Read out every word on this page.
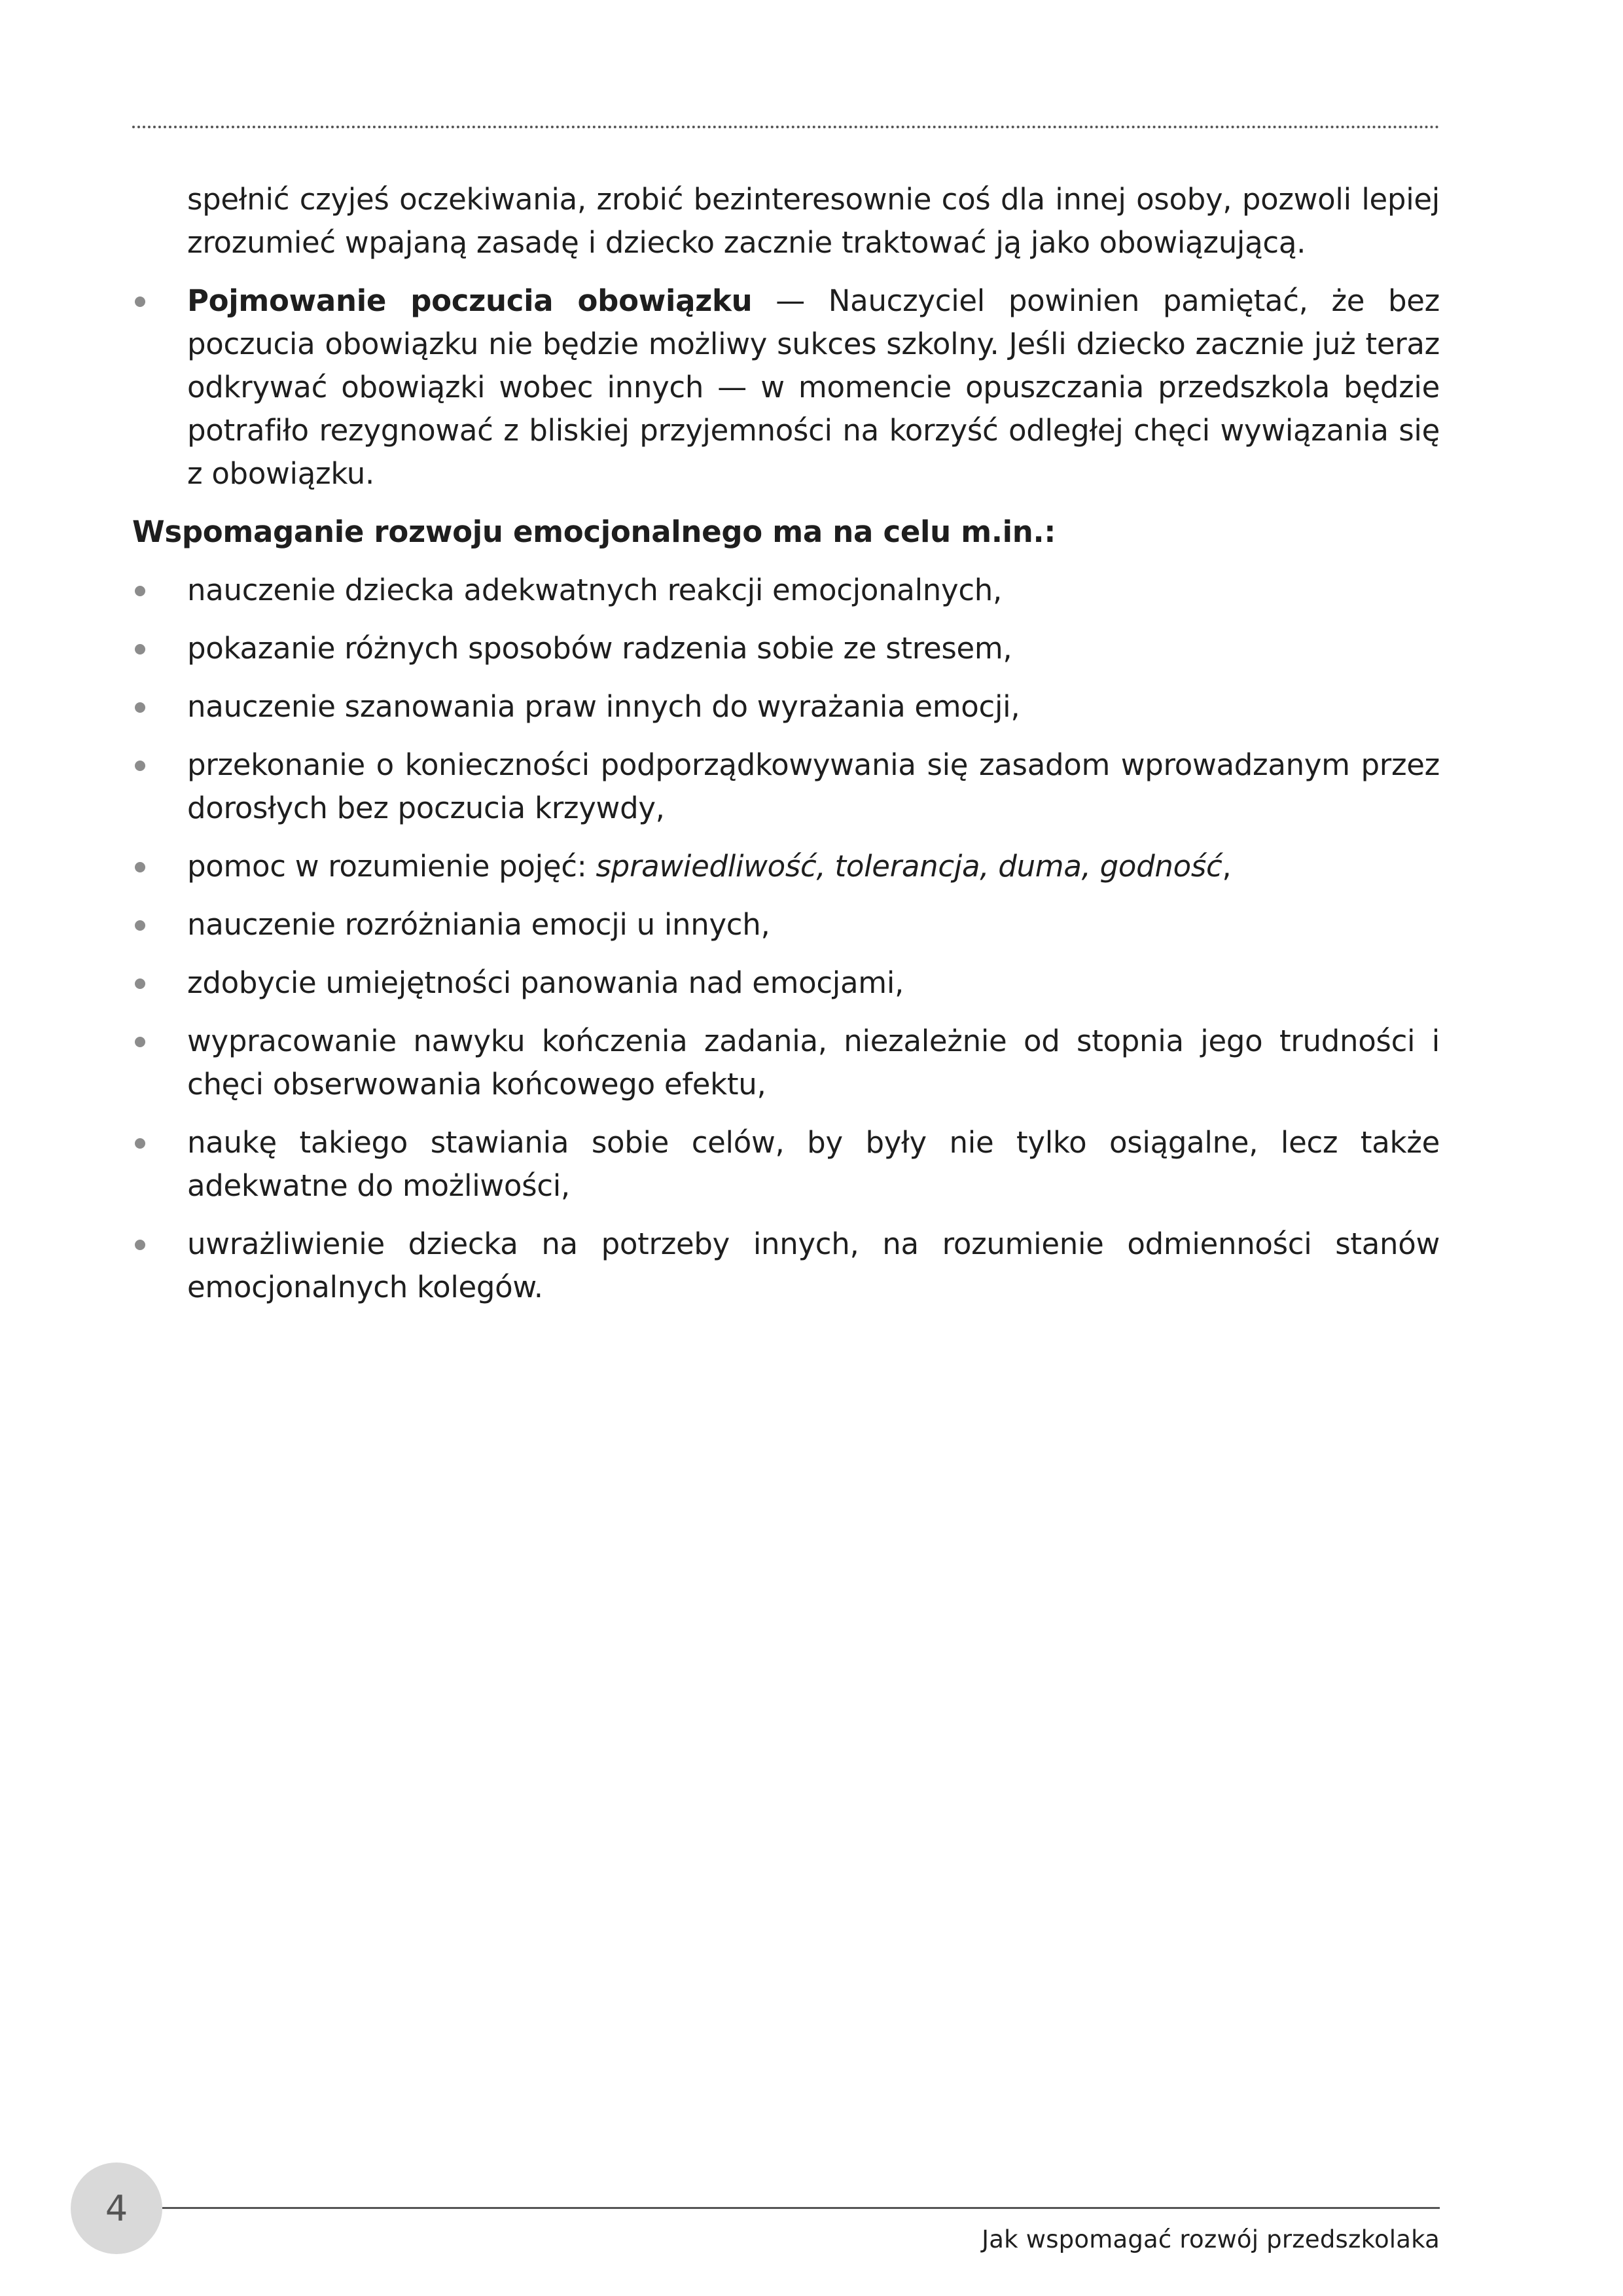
spełnić czyjeś oczekiwania, zrobić bezinteresownie coś dla innej osoby, pozwoli lepiej zrozumieć wpajaną zasadę i dziecko zacznie traktować ją jako obowiązującą.

Pojmowanie poczucia obowiązku — Nauczyciel powinien pamiętać, że bez poczucia obowiązku nie będzie możliwy sukces szkolny. Jeśli dziecko zacznie już teraz odkrywać obowiązki wobec innych — w momencie opuszczania przedszkola będzie potrafiło rezygnować z bliskiej przyjemności na korzyść odległej chęci wywiązania się z obowiązku.

Wspomaganie rozwoju emocjonalnego ma na celu m.in.:

nauczenie dziecka adekwatnych reakcji emocjonalnych,
pokazanie różnych sposobów radzenia sobie ze stresem,
nauczenie szanowania praw innych do wyrażania emocji,
przekonanie o konieczności podporządkowywania się zasadom wprowadzanym przez dorosłych bez poczucia krzywdy,
pomoc w rozumienie pojęć: sprawiedliwość, tolerancja, duma, godność,
nauczenie rozróżniania emocji u innych,
zdobycie umiejętności panowania nad emocjami,
wypracowanie nawyku kończenia zadania, niezależnie od stopnia jego trudności i chęci obserwowania końcowego efektu,
naukę takiego stawiania sobie celów, by były nie tylko osiągalne, lecz także adekwatne do możliwości,
uwrażliwienie dziecka na potrzeby innych, na rozumienie odmienności stanów emocjonalnych kolegów.
4
Jak wspomagać rozwój przedszkolaka
